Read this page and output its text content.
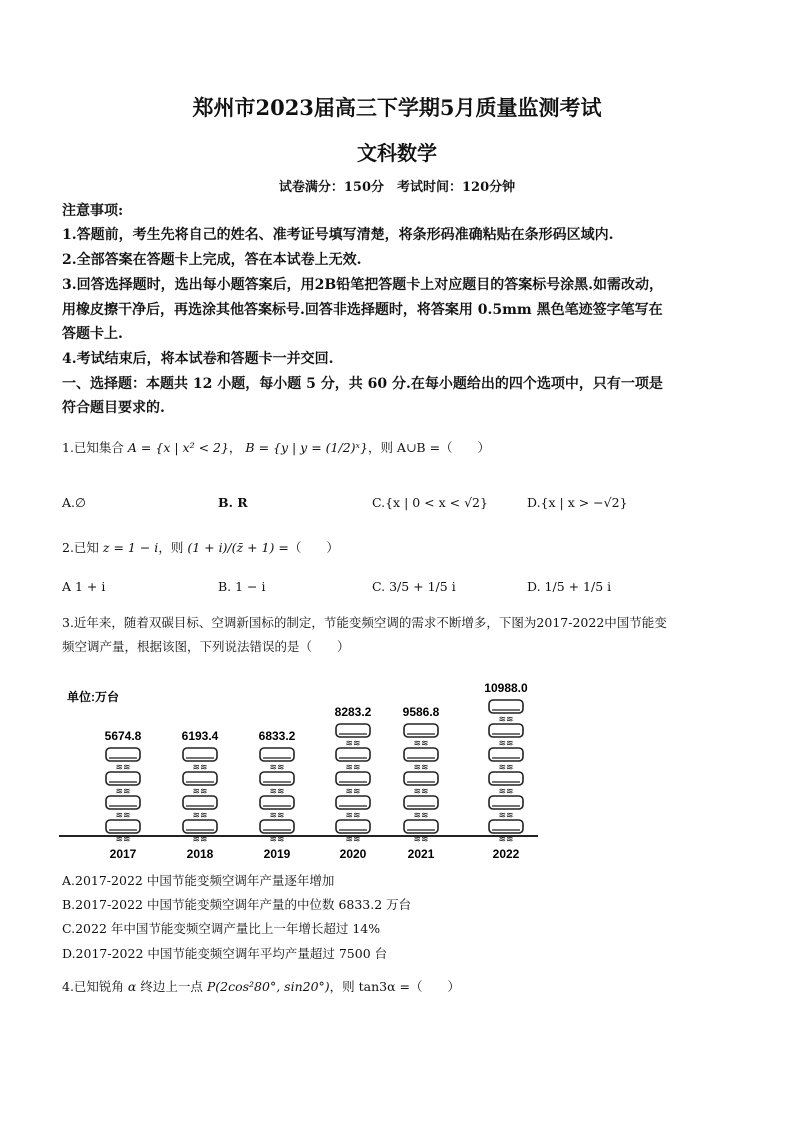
郑州市2023届高三下学期5月质量监测考试
文科数学
试卷满分：150分　考试时间：120分钟
注意事项:
1.答题前，考生先将自己的姓名、准考证号填写清楚，将条形码准确粘贴在条形码区域内.
2.全部答案在答题卡上完成，答在本试卷上无效.
3.回答选择题时，选出每小题答案后，用2B铅笔把答题卡上对应题目的答案标号涂黑.如需改动，
用橡皮擦干净后，再选涂其他答案标号.回答非选择题时，将答案用 0.5mm 黑色笔迹签字笔写在
答题卡上.
4.考试结束后，将本试卷和答题卡一并交回.
一、选择题：本题共 12 小题，每小题 5 分，共 60 分.在每小题给出的四个选项中，只有一项是
符合题目要求的.
1.已知集合 A = {x | x² < 2}， B = {y | y = (1/2)ˣ}，则 A∪B =（　　）
A.∅	B. R	C.{x | 0 < x < √2}	D.{x | x > −√2}
2.已知 z = 1 − i，则 (1 + i)/(z̄ + 1) =（　　）
A 1 + i	B. 1 − i	C. 3/5 + 1/5 i	D. 1/5 + 1/5 i
3.近年来，随着双碳目标、空调新国标的制定，节能变频空调的需求不断增多，下图为2017-2022中国节能变
频空调产量，根据该图，下列说法错误的是（　　）
单位:万台
≋≋
≋≋
≋≋
≋≋
5674.8
2017
≋≋
≋≋
≋≋
≋≋
6193.4
2018
≋≋
≋≋
≋≋
≋≋
6833.2
2019
≋≋
≋≋
≋≋
≋≋
≋≋
8283.2
2020
≋≋
≋≋
≋≋
≋≋
≋≋
9586.8
2021
≋≋
≋≋
≋≋
≋≋
≋≋
≋≋
10988.0
2022
A.2017-2022 中国节能变频空调年产量逐年增加
B.2017-2022 中国节能变频空调年产量的中位数 6833.2 万台
C.2022 年中国节能变频空调产量比上一年增长超过 14%
D.2017-2022 中国节能变频空调年平均产量超过 7500 台
4.已知锐角 α 终边上一点 P(2cos²80°, sin20°)，则 tan3α =（　　）
